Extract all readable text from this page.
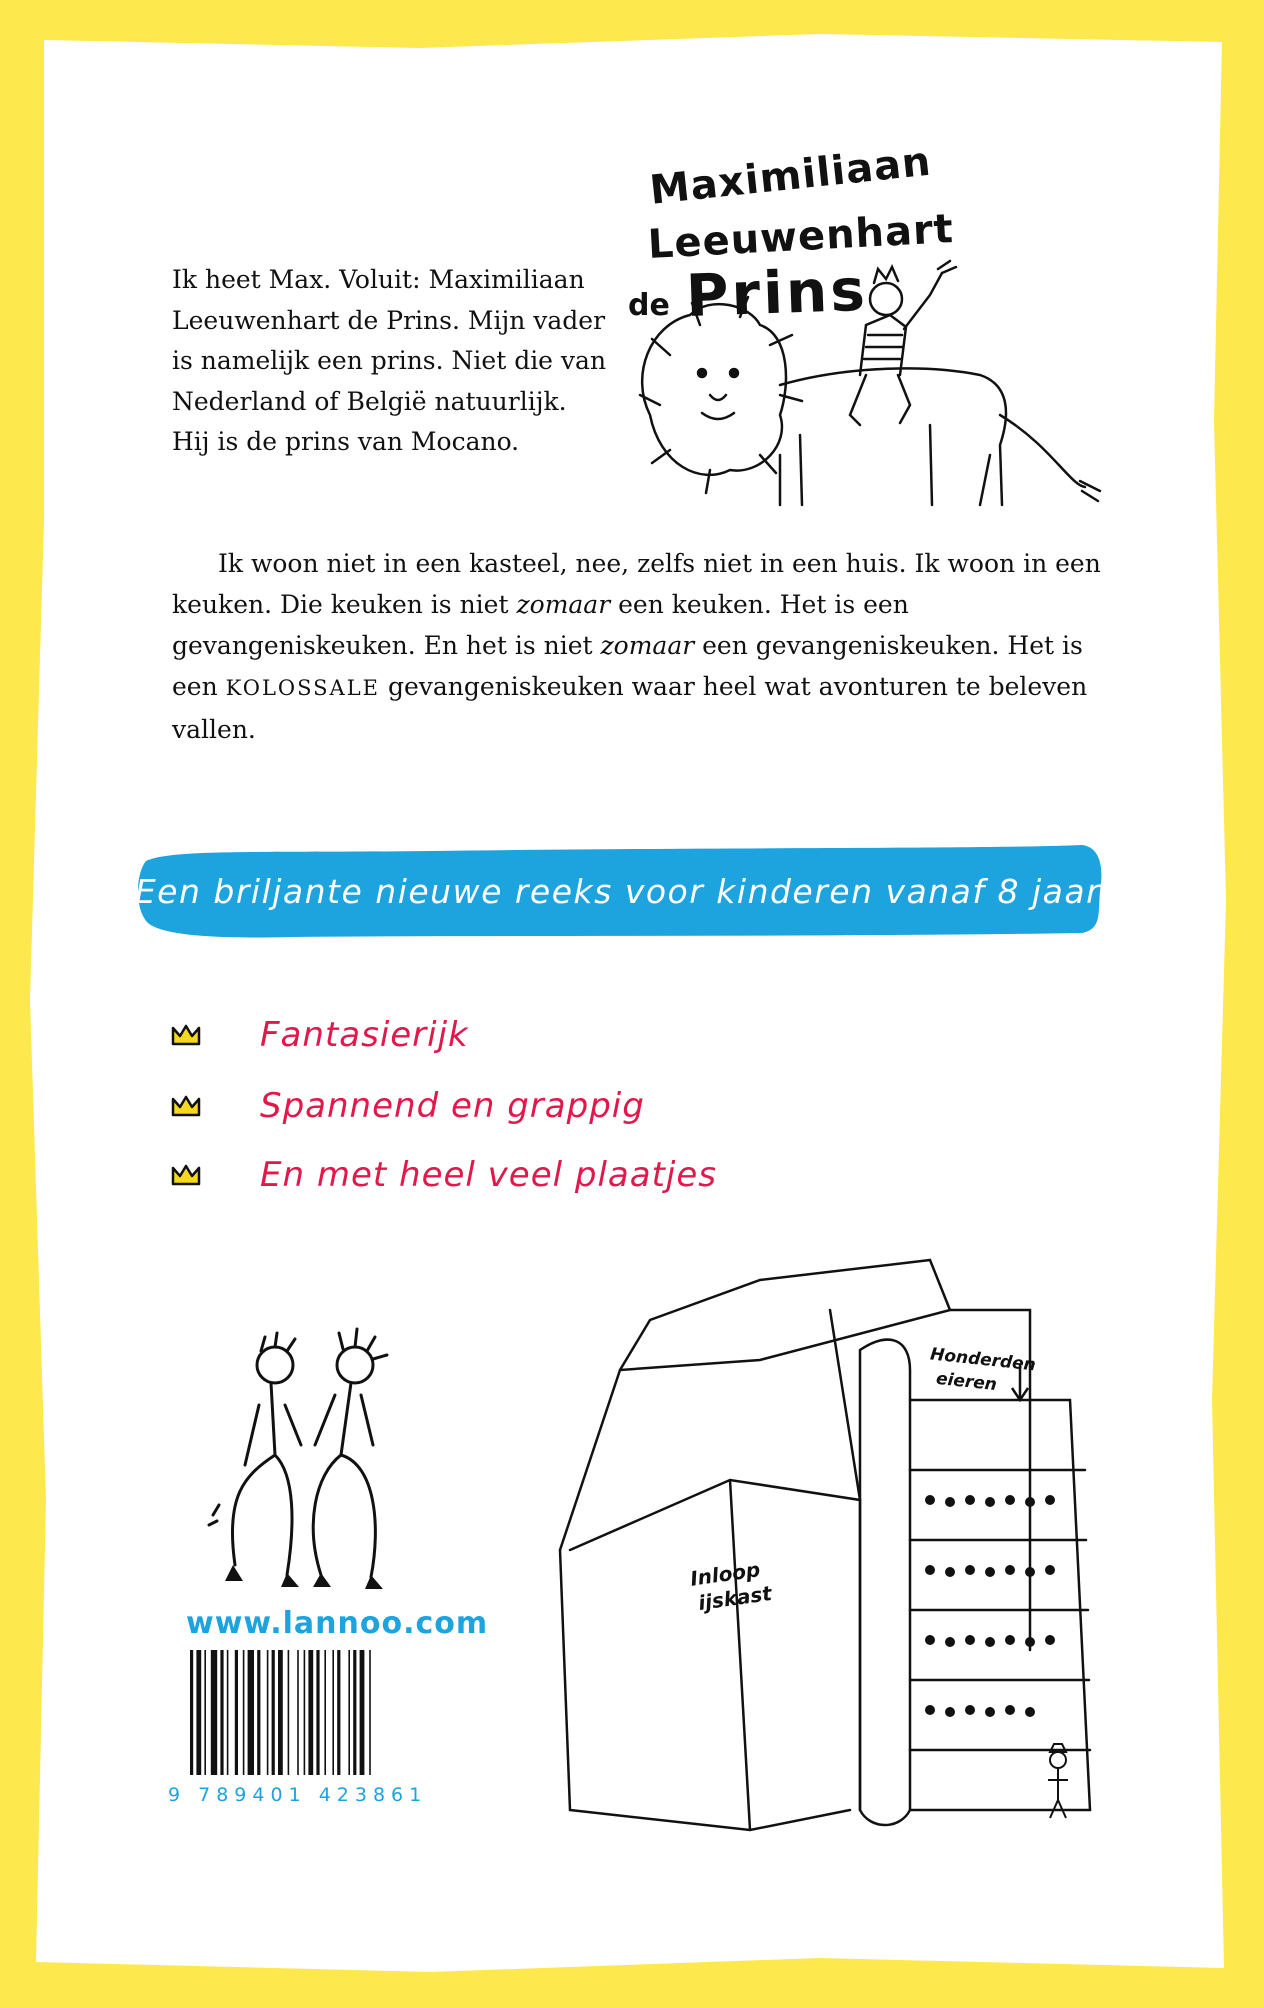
Maximiliaan
Leeuwenhart
de Prins

Ik heet Max. Voluit: Maximiliaan Leeuwenhart de Prins. Mijn vader is namelijk een prins. Niet die van Nederland of België natuurlijk. Hij is de prins van Mocano.

Ik woon niet in een kasteel, nee, zelfs niet in een huis. Ik woon in een keuken. Die keuken is niet zomaar een keuken. Het is een gevangeniskeuken. En het is niet zomaar een gevangeniskeuken. Het is een KOLOSSALE gevangeniskeuken waar heel wat avonturen te beleven vallen.

Een briljante nieuwe reeks voor kinderen vanaf 8 jaar
Fantasierijk
Spannend en grappig
En met heel veel plaatjes
Inloop
ijskast
Honderden
eieren
www.lannoo.com
9 789401 423861
